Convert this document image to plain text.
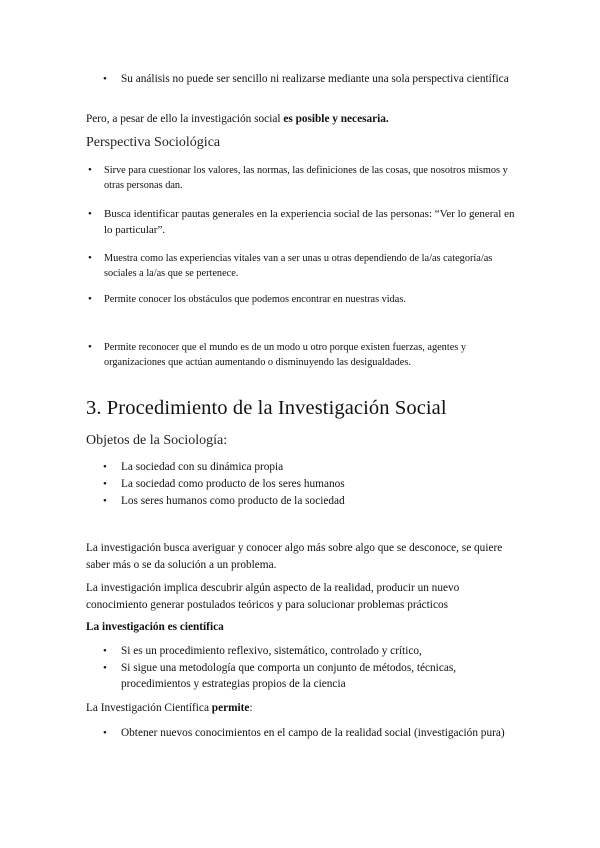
• Su análisis no puede ser sencillo ni realizarse mediante una sola perspectiva científica

Pero, a pesar de ello la investigación social es posible y necesaria.

Perspectiva Sociológica
• Sirve para cuestionar los valores, las normas, las definiciones de las cosas, que nosotros mismos y otras personas dan.
• Busca identificar pautas generales en la experiencia social de las personas: “Ver lo general en lo particular”.
• Muestra como las experiencias vitales van a ser unas u otras dependiendo de la/as categoría/as sociales a la/as que se pertenece.
• Permite conocer los obstáculos que podemos encontrar en nuestras vidas.
• Permite reconocer que el mundo es de un modo u otro porque existen fuerzas, agentes y organizaciones que actúan aumentando o disminuyendo las desigualdades.
3. Procedimiento de la Investigación Social
Objetos de la Sociología:
• La sociedad con su dinámica propia
• La sociedad como producto de los seres humanos
• Los seres humanos como producto de la sociedad

La investigación busca averiguar y conocer algo más sobre algo que se desconoce, se quiere saber más o se da solución a un problema.

La investigación implica descubrir algún aspecto de la realidad, producir un nuevo conocimiento generar postulados teóricos y para solucionar problemas prácticos

La investigación es científica

• Si es un procedimiento reflexivo, sistemático, controlado y crítico,
• Si sigue una metodología que comporta un conjunto de métodos, técnicas, procedimientos y estrategias propios de la ciencia

La Investigación Científica permite:

• Obtener nuevos conocimientos en el campo de la realidad social (investigación pura)
